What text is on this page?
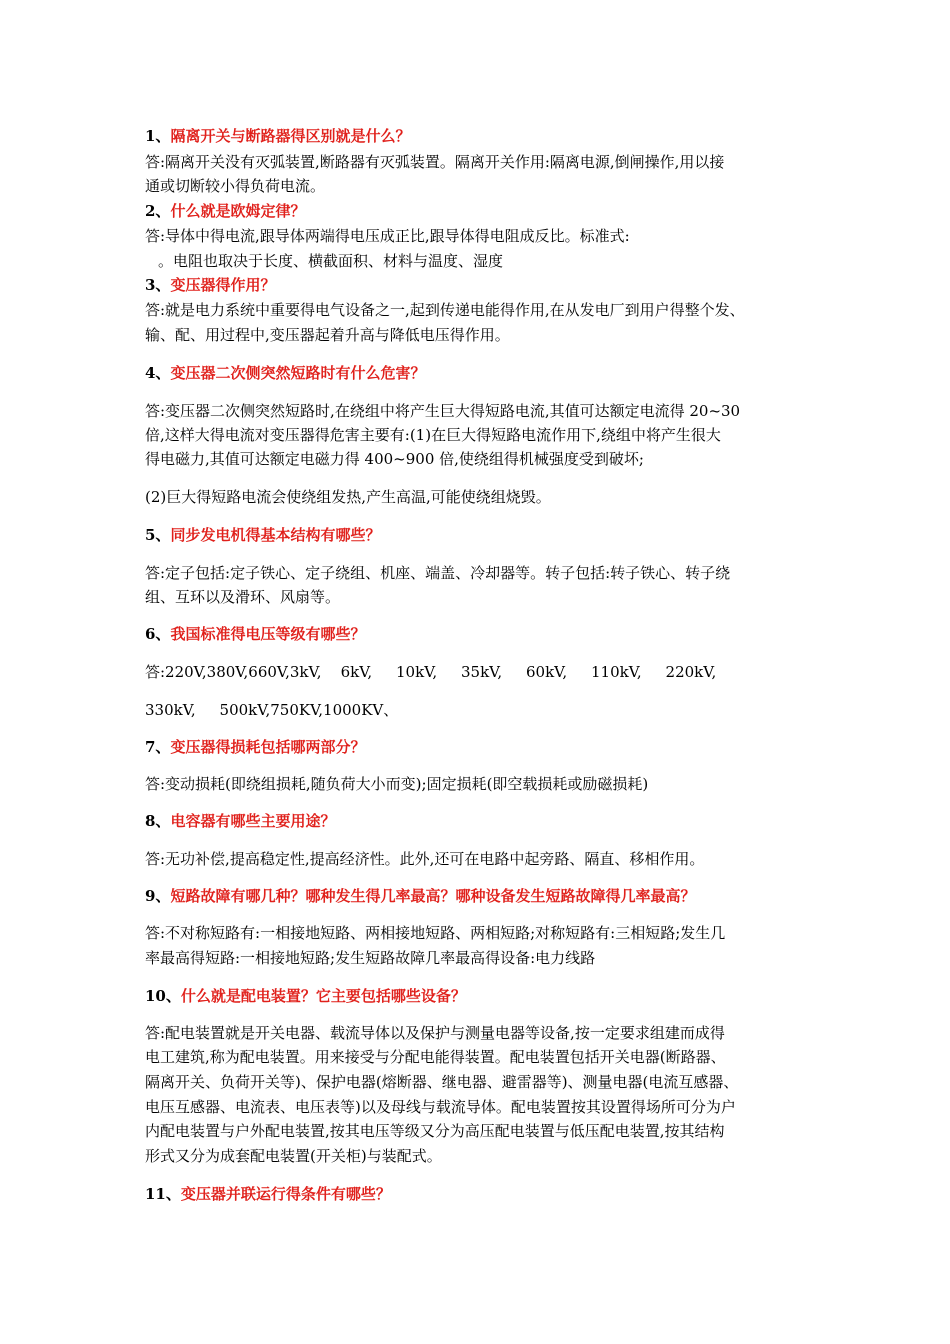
1、隔离开关与断路器得区别就是什么？
答:隔离开关没有灭弧装置,断路器有灭弧装置。隔离开关作用:隔离电源,倒闸操作,用以接
通或切断较小得负荷电流。
2、什么就是欧姆定律？
答:导体中得电流,跟导体两端得电压成正比,跟导体得电阻成反比。标准式:
。电阻也取决于长度、横截面积、材料与温度、湿度
3、变压器得作用？
答:就是电力系统中重要得电气设备之一,起到传递电能得作用,在从发电厂到用户得整个发、
输、配、用过程中,变压器起着升高与降低电压得作用。
4、变压器二次侧突然短路时有什么危害？
答:变压器二次侧突然短路时,在绕组中将产生巨大得短路电流,其值可达额定电流得 20~30
倍,这样大得电流对变压器得危害主要有:(1)在巨大得短路电流作用下,绕组中将产生很大
得电磁力,其值可达额定电磁力得 400~900 倍,使绕组得机械强度受到破坏;
(2)巨大得短路电流会使绕组发热,产生高温,可能使绕组烧毁。
5、同步发电机得基本结构有哪些？
答:定子包括:定子铁心、定子绕组、机座、端盖、冷却器等。转子包括:转子铁心、转子绕
组、互环以及滑环、风扇等。
6、我国标准得电压等级有哪些？
答:220V,380V,660V,3kV,    6kV,     10kV,     35kV,     60kV,     110kV,     220kV,
330kV,     500kV,750KV,1000KV、
7、变压器得损耗包括哪两部分？
答:变动损耗(即绕组损耗,随负荷大小而变);固定损耗(即空载损耗或励磁损耗)
8、电容器有哪些主要用途？
答:无功补偿,提高稳定性,提高经济性。此外,还可在电路中起旁路、隔直、移相作用。
9、短路故障有哪几种？哪种发生得几率最高？哪种设备发生短路故障得几率最高？
答:不对称短路有:一相接地短路、两相接地短路、两相短路;对称短路有:三相短路;发生几
率最高得短路:一相接地短路;发生短路故障几率最高得设备:电力线路
10、什么就是配电装置？它主要包括哪些设备？
答:配电装置就是开关电器、载流导体以及保护与测量电器等设备,按一定要求组建而成得
电工建筑,称为配电装置。用来接受与分配电能得装置。配电装置包括开关电器(断路器、
隔离开关、负荷开关等)、保护电器(熔断器、继电器、避雷器等)、测量电器(电流互感器、
电压互感器、电流表、电压表等)以及母线与载流导体。配电装置按其设置得场所可分为户
内配电装置与户外配电装置,按其电压等级又分为高压配电装置与低压配电装置,按其结构
形式又分为成套配电装置(开关柜)与装配式。
11、变压器并联运行得条件有哪些？
